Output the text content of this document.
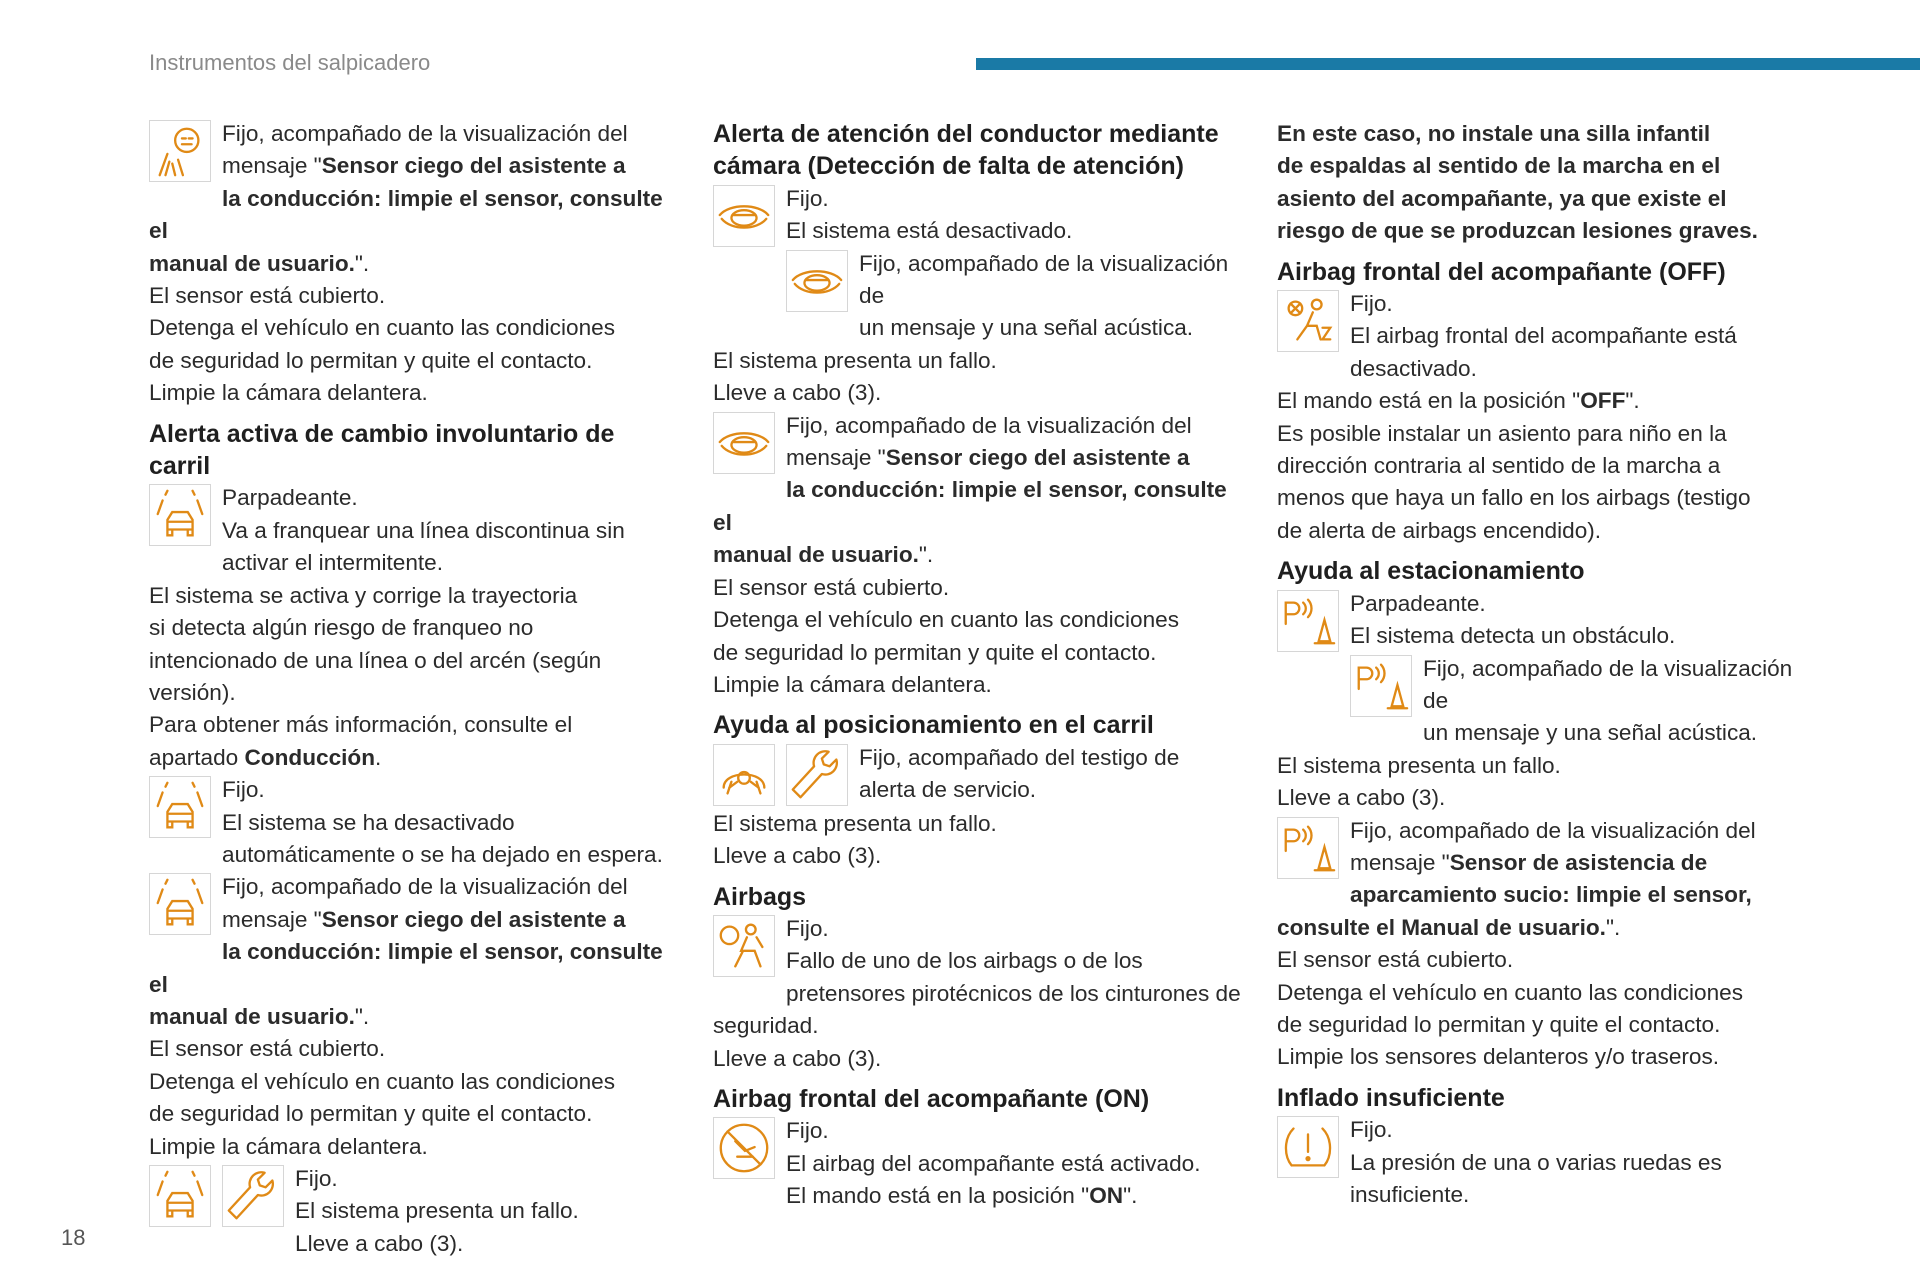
Instrumentos del salpicadero
18

Fijo, acompañado de la visualización del

mensaje "Sensor ciego del asistente a

la conducción: limpie el sensor, consulte el

manual de usuario.".

El sensor está cubierto.

Detenga el vehículo en cuanto las condiciones

de seguridad lo permitan y quite el contacto.

Limpie la cámara delantera.

Alerta activa de cambio involuntario de
carril

Parpadeante.

Va a franquear una línea discontinua sin

activar el intermitente.

El sistema se activa y corrige la trayectoria

si detecta algún riesgo de franqueo no

intencionado de una línea o del arcén (según

versión).

Para obtener más información, consulte el

apartado Conducción.

Fijo.

El sistema se ha desactivado

automáticamente o se ha dejado en espera.

Fijo, acompañado de la visualización del

mensaje "Sensor ciego del asistente a

la conducción: limpie el sensor, consulte el

manual de usuario.".

El sensor está cubierto.

Detenga el vehículo en cuanto las condiciones

de seguridad lo permitan y quite el contacto.

Limpie la cámara delantera.

Fijo.

El sistema presenta un fallo.

Lleve a cabo (3).

Alerta de atención del conductor mediante
cámara (Detección de falta de atención)

Fijo.

El sistema está desactivado.

Fijo, acompañado de la visualización de

un mensaje y una señal acústica.

El sistema presenta un fallo.

Lleve a cabo (3).

Fijo, acompañado de la visualización del

mensaje "Sensor ciego del asistente a

la conducción: limpie el sensor, consulte el

manual de usuario.".

El sensor está cubierto.

Detenga el vehículo en cuanto las condiciones

de seguridad lo permitan y quite el contacto.

Limpie la cámara delantera.

Ayuda al posicionamiento en el carril

Fijo, acompañado del testigo de

alerta de servicio.

El sistema presenta un fallo.

Lleve a cabo (3).

Airbags

Fijo.

Fallo de uno de los airbags o de los

pretensores pirotécnicos de los cinturones de

seguridad.

Lleve a cabo (3).

Airbag frontal del acompañante (ON)

Fijo.

El airbag del acompañante está activado.

El mando está en la posición "ON".

En este caso, no instale una silla infantil

de espaldas al sentido de la marcha en el

asiento del acompañante, ya que existe el

riesgo de que se produzcan lesiones graves.

Airbag frontal del acompañante (OFF)

Fijo.

El airbag frontal del acompañante está

desactivado.

El mando está en la posición "OFF".

Es posible instalar un asiento para niño en la

dirección contraria al sentido de la marcha a

menos que haya un fallo en los airbags (testigo

de alerta de airbags encendido).

Ayuda al estacionamiento

Parpadeante.

El sistema detecta un obstáculo.

Fijo, acompañado de la visualización de

un mensaje y una señal acústica.

El sistema presenta un fallo.

Lleve a cabo (3).

Fijo, acompañado de la visualización del

mensaje "Sensor de asistencia de

aparcamiento sucio: limpie el sensor,

consulte el Manual de usuario.".

El sensor está cubierto.

Detenga el vehículo en cuanto las condiciones

de seguridad lo permitan y quite el contacto.

Limpie los sensores delanteros y/o traseros.

Inflado insuficiente

Fijo.

La presión de una o varias ruedas es

insuficiente.
